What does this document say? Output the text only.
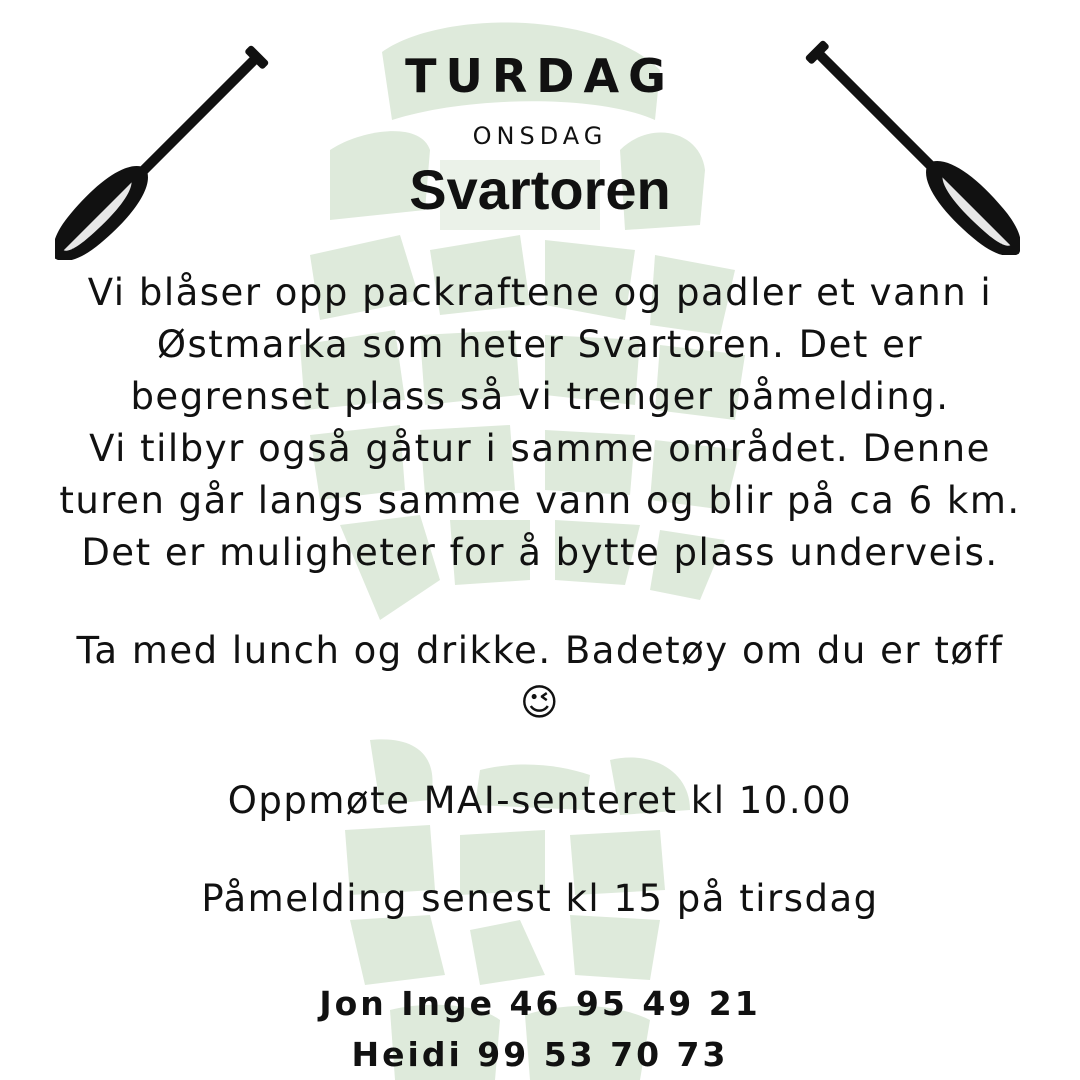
TURDAG
ONSDAG
Svartoren

Vi blåser opp packraftene og padler et vann i
Østmarka som heter Svartoren. Det er
begrenset plass så vi trenger påmelding.
Vi tilbyr også gåtur i samme området. Denne
turen går langs samme vann og blir på ca 6 km.
Det er muligheter for å bytte plass underveis.

Ta med lunch og drikke. Badetøy om du er tøff
😉

Oppmøte MAI-senteret kl 10.00

Påmelding senest kl 15 på tirsdag

Jon Inge 46 95 49 21
Heidi 99 53 70 73
